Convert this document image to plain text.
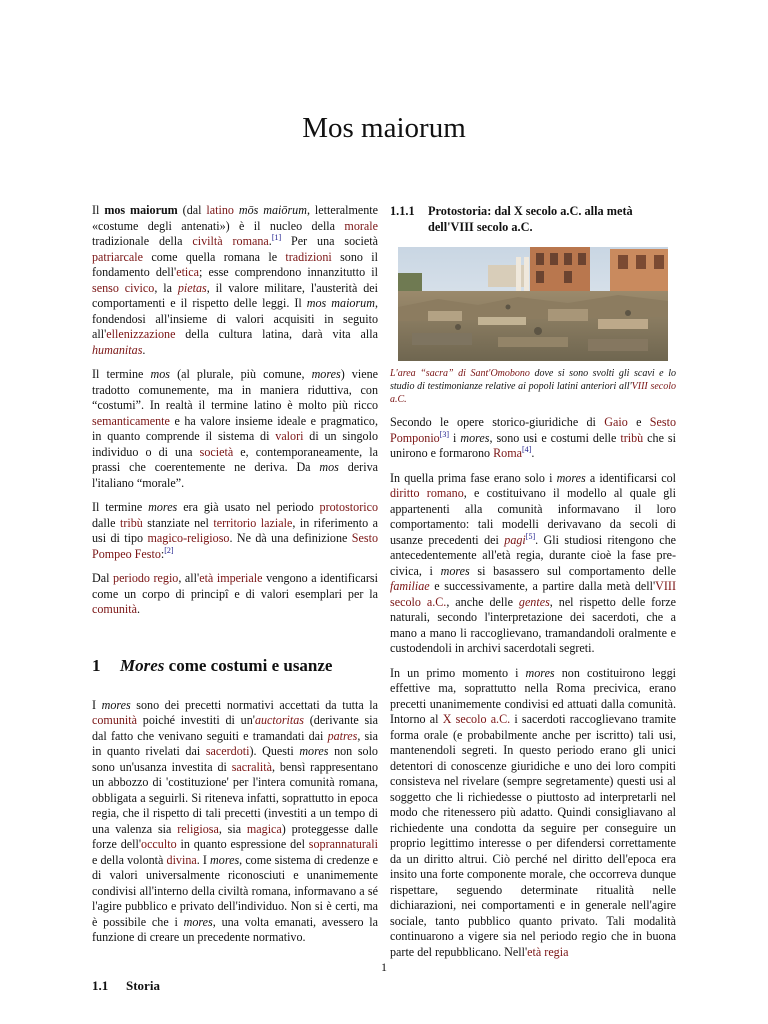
Mos maiorum

Il mos maiorum (dal latino mōs maiōrum, letteralmente «costume degli antenati») è il nucleo della morale tradizionale della civiltà romana.[1] Per una società patriarcale come quella romana le tradizioni sono il fondamento dell'etica; esse comprendono innanzitutto il senso civico, la pietas, il valore militare, l'austerità dei comportamenti e il rispetto delle leggi. Il mos maiorum, fondendosi all'insieme di valori acquisiti in seguito all'ellenizzazione della cultura latina, darà vita alla humanitas.

Il termine mos (al plurale, più comune, mores) viene tradotto comunemente, ma in maniera riduttiva, con “costumi”. In realtà il termine latino è molto più ricco semanticamente e ha valore insieme ideale e pragmatico, in quanto comprende il sistema di valori di un singolo individuo o di una società e, contemporaneamente, la prassi che coerentemente ne deriva. Da mos deriva l'italiano “morale”.

Il termine mores era già usato nel periodo protostorico dalle tribù stanziate nel territorio laziale, in riferimento a usi di tipo magico-religioso. Ne dà una definizione Sesto Pompeo Festo:[2]

Dal periodo regio, all'età imperiale vengono a identificarsi come un corpo di principî e di valori esemplari per la comunità.

1 Mores come costumi e usanze

I mores sono dei precetti normativi accettati da tutta la comunità poiché investiti di un'auctoritas (derivante sia dal fatto che venivano seguiti e tramandati dai patres, sia in quanto rivelati dai sacerdoti). Questi mores non solo sono un'usanza investita di sacralità, bensì rappresentano un abbozzo di 'costituzione' per l'intera comunità romana, obbligata a seguirli. Si riteneva infatti, soprattutto in epoca regia, che il rispetto di tali precetti (investiti a un tempo di una valenza sia religiosa, sia magica) proteggesse dalle forze dell'occulto in quanto espressione del soprannaturali e della volontà divina. I mores, come sistema di credenze e di valori universalmente riconosciuti e unanimemente condivisi all'interno della civiltà romana, informavano a sé l'agire pubblico e privato dell'individuo. Non si è certi, ma è possibile che i mores, una volta emanati, avessero la funzione di creare un precedente normativo.

1.1 Storia
1.1.1	Protostoria: dal X secolo a.C. alla metà dell'VIII secolo a.C.

L'area “sacra” di Sant'Omobono dove si sono svolti gli scavi e lo studio di testimonianze relative ai popoli latini anteriori all'VIII secolo a.C.

Secondo le opere storico-giuridiche di Gaio e Sesto Pomponio[3] i mores, sono usi e costumi delle tribù che si unirono e formarono Roma[4].

In quella prima fase erano solo i mores a identificarsi col diritto romano, e costituivano il modello al quale gli appartenenti alla comunità informavano il loro comportamento: tali modelli derivavano da secoli di usanze precedenti dei pagi[5]. Gli studiosi ritengono che antecedentemente all'età regia, durante cioè la fase pre-civica, i mores si basassero sul comportamento delle familiae e successivamente, a partire dalla metà dell'VIII secolo a.C., anche delle gentes, nel rispetto delle forze naturali, secondo l'interpretazione dei sacerdoti, che a mano a mano li raccoglievano, tramandandoli oralmente e custodendoli in archivi sacerdotali segreti.

In un primo momento i mores non costituirono leggi effettive ma, soprattutto nella Roma precivica, erano precetti unanimemente condivisi ed attuati dalla comunità. Intorno al X secolo a.C. i sacerdoti raccoglievano tramite forma orale (e probabilmente anche per iscritto) tali usi, mantenendoli segreti. In questo periodo erano gli unici detentori di conoscenze giuridiche e uno dei loro compiti consisteva nel rivelare (sempre segretamente) questi usi al soggetto che li richiedesse o piuttosto ad interpretarli nel modo che ritenessero più adatto. Quindi consigliavano al richiedente una condotta da seguire per conseguire un proprio legittimo interesse o per difendersi correttamente da un diritto altrui. Ciò perché nel diritto dell'epoca era insito una forte componente morale, che occorreva dunque rispettare, seguendo determinate ritualità nelle dichiarazioni, nei comportamenti e in generale nell'agire sociale, tanto pubblico quanto privato. Tali modalità continuarono a vigere sia nel periodo regio che in buona parte del repubblicano. Nell'età regia

1
